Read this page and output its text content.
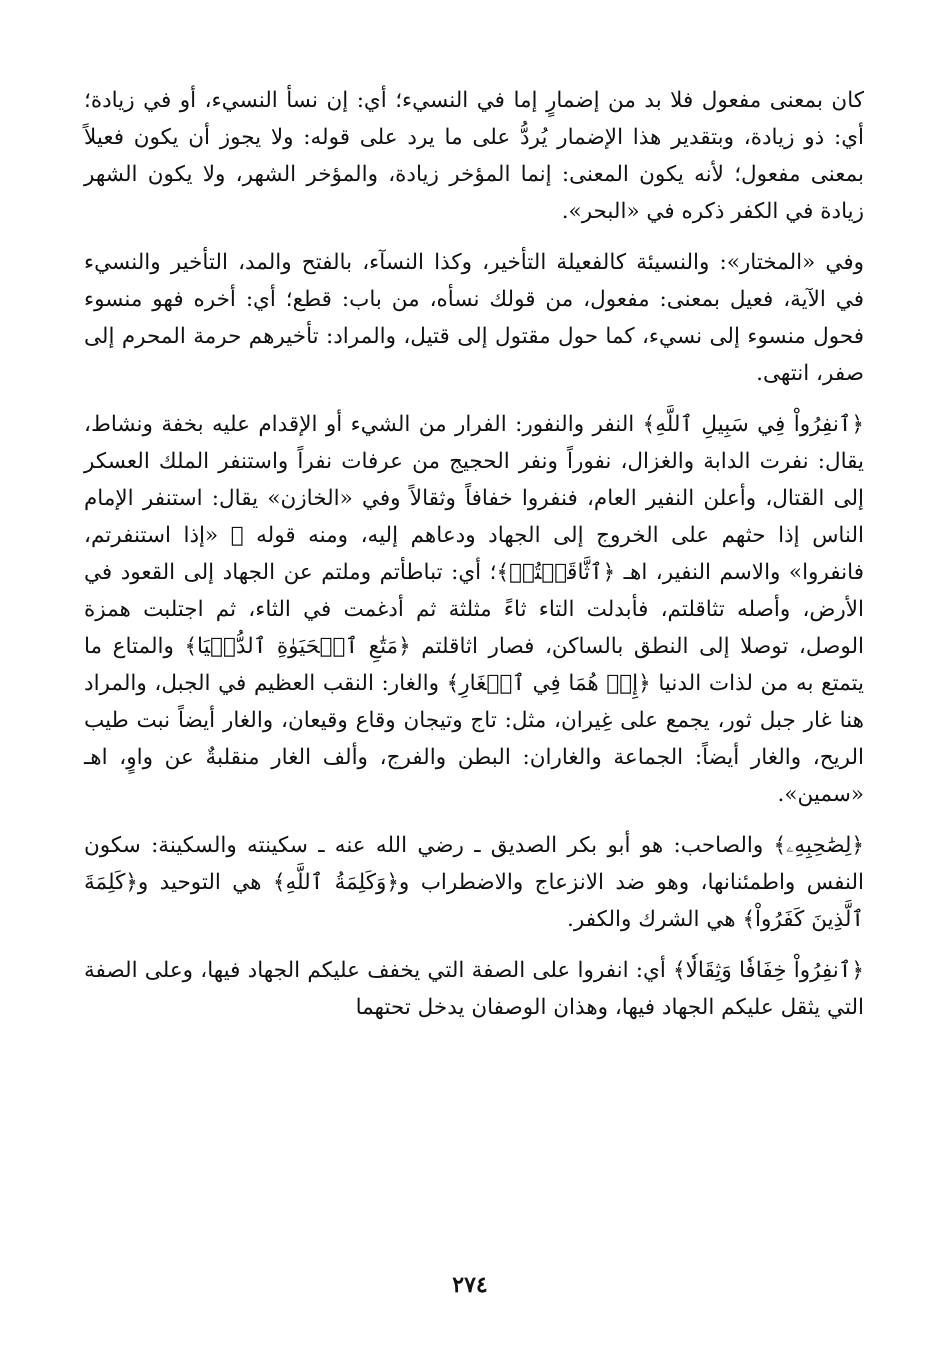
كان بمعنى مفعول فلا بد من إضمارٍ إما في النسيء؛ أي: إن نسأ النسيء، أو في زيادة؛ أي: ذو زيادة، وبتقدير هذا الإضمار يُردُّ على ما يرد على قوله: ولا يجوز أن يكون فعيلاً بمعنى مفعول؛ لأنه يكون المعنى: إنما المؤخر زيادة، والمؤخر الشهر، ولا يكون الشهر زيادة في الكفر ذكره في «البحر».

وفي «المختار»: والنسيئة كالفعيلة التأخير، وكذا النسآء، بالفتح والمد، التأخير والنسيء في الآية، فعيل بمعنى: مفعول، من قولك نسأه، من باب: قطع؛ أي: أخره فهو منسوء فحول منسوء إلى نسيء، كما حول مقتول إلى قتيل، والمراد: تأخيرهم حرمة المحرم إلى صفر، انتهى.

﴿ٱنفِرُواْ فِي سَبِيلِ ٱللَّهِ﴾ النفر والنفور: الفرار من الشيء أو الإقدام عليه بخفة ونشاط، يقال: نفرت الدابة والغزال، نفوراً ونفر الحجيج من عرفات نفراً واستنفر الملك العسكر إلى القتال، وأعلن النفير العام، فنفروا خفافاً وثقالاً وفي «الخازن» يقال: استنفر الإمام الناس إذا حثهم على الخروج إلى الجهاد ودعاهم إليه، ومنه قوله ﷺ «إذا استنفرتم، فانفروا» والاسم النفير، اهـ ﴿ٱثَّاقَلۡتُمۡ﴾؛ أي: تباطأتم وملتم عن الجهاد إلى القعود في الأرض، وأصله تثاقلتم، فأبدلت التاء ثاءً مثلثة ثم أدغمت في الثاء، ثم اجتلبت همزة الوصل، توصلا إلى النطق بالساكن، فصار اثاقلتم ﴿مَتَٰعِ ٱلۡحَيَوٰةِ ٱلدُّنۡيَا﴾ والمتاع ما يتمتع به من لذات الدنيا ﴿إِذۡ هُمَا فِي ٱلۡغَارِ﴾ والغار: النقب العظيم في الجبل، والمراد هنا غار جبل ثور، يجمع على غِيران، مثل: تاج وتيجان وقاع وقيعان، والغار أيضاً نبت طيب الريح، والغار أيضاً: الجماعة والغاران: البطن والفرج، وألف الغار منقلبةٌ عن واوٍ، اهـ «سمين».

﴿لِصَٰحِبِهِۦ﴾ والصاحب: هو أبو بكر الصديق ـ رضي الله عنه ـ سكينته والسكينة: سكون النفس واطمئنانها، وهو ضد الانزعاج والاضطراب و﴿وَكَلِمَةُ ٱللَّهِ﴾ هي التوحيد و﴿كَلِمَةَ ٱلَّذِينَ كَفَرُواْ﴾ هي الشرك والكفر.

﴿ٱنفِرُواْ خِفَافٗا وَثِقَالٗا﴾ أي: انفروا على الصفة التي يخفف عليكم الجهاد فيها، وعلى الصفة التي يثقل عليكم الجهاد فيها، وهذان الوصفان يدخل تحتهما

٢٧٤
